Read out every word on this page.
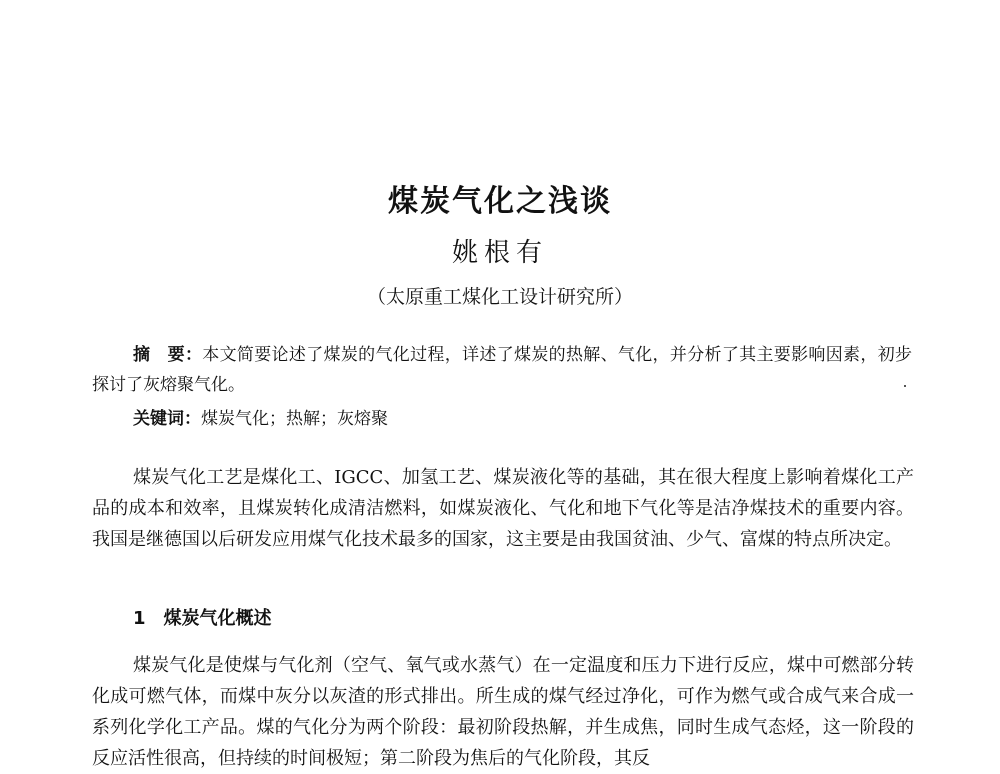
煤炭气化之浅谈
姚根有
（太原重工煤化工设计研究所）
摘　要：本文简要论述了煤炭的气化过程，详述了煤炭的热解、气化，并分析了其主要影响因素，初步探讨了灰熔聚气化。
关键词：煤炭气化；热解；灰熔聚
煤炭气化工艺是煤化工、IGCC、加氢工艺、煤炭液化等的基础，其在很大程度上影响着煤化工产品的成本和效率，且煤炭转化成清洁燃料，如煤炭液化、气化和地下气化等是洁净煤技术的重要内容。我国是继德国以后研发应用煤气化技术最多的国家，这主要是由我国贫油、少气、富煤的特点所决定。
1 煤炭气化概述
煤炭气化是使煤与气化剂（空气、氧气或水蒸气）在一定温度和压力下进行反应，煤中可燃部分转化成可燃气体，而煤中灰分以灰渣的形式排出。所生成的煤气经过净化，可作为燃气或合成气来合成一系列化学化工产品。煤的气化分为两个阶段：最初阶段热解，并生成焦，同时生成气态烃，这一阶段的反应活性很高，但持续的时间极短；第二阶段为焦后的气化阶段，其反
